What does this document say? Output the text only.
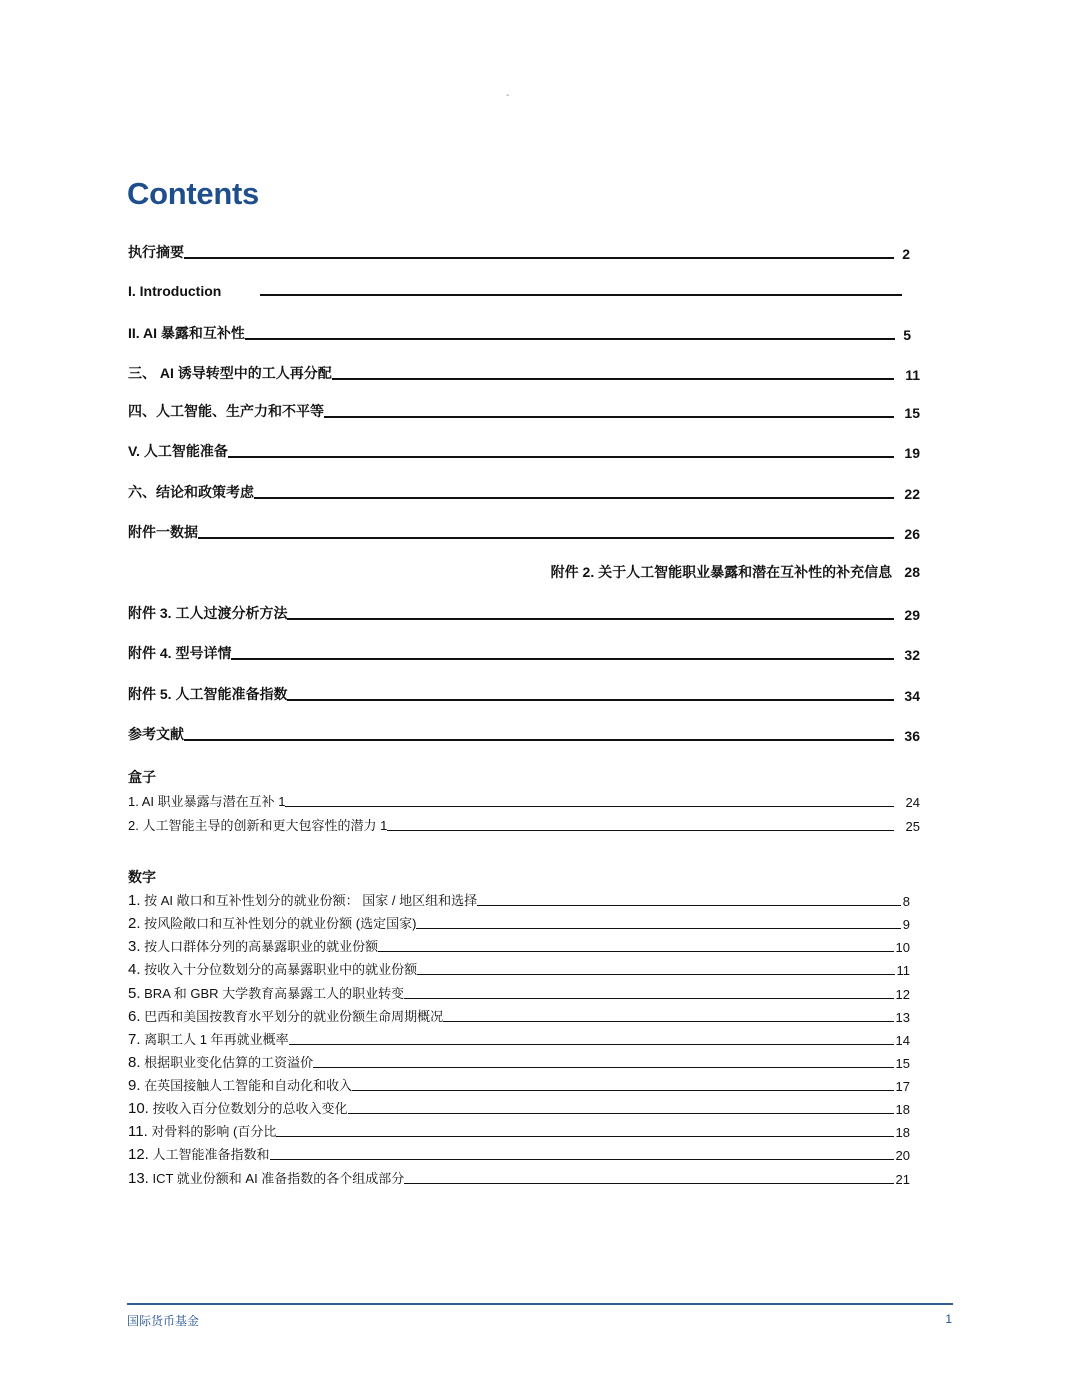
-
Contents
执行摘要	2
I. Introduction
II. AI 暴露和互补性	5
三、 AI 诱导转型中的工人再分配	11
四、人工智能、生产力和不平等	15
V. 人工智能准备	19
六、结论和政策考虑	22
附件一数据	26
附件 2. 关于人工智能职业暴露和潜在互补性的补充信息 28
附件 3. 工人过渡分析方法	29
附件 4. 型号详情	32
附件 5. 人工智能准备指数	34
参考文献	36
盒子
1. AI 职业暴露与潜在互补 1	24
2. 人工智能主导的创新和更大包容性的潜力 1	25
数字
1. 按 AI 敞口和互补性划分的就业份额： 国家 / 地区组和选择	8
2. 按风险敞口和互补性划分的就业份额 (选定国家)	9
3. 按人口群体分列的高暴露职业的就业份额	10
4. 按收入十分位数划分的高暴露职业中的就业份额	11
5. BRA 和 GBR 大学教育高暴露工人的职业转变	12
6. 巴西和美国按教育水平划分的就业份额生命周期概况	13
7. 离职工人 1 年再就业概率	14
8. 根据职业变化估算的工资溢价	15
9. 在英国接触人工智能和自动化和收入	17
10. 按收入百分位数划分的总收入变化	18
11. 对骨料的影响 (百分比	18
12. 人工智能准备指数和	20
13. ICT 就业份额和 AI 准备指数的各个组成部分	21
国际货币基金	1
